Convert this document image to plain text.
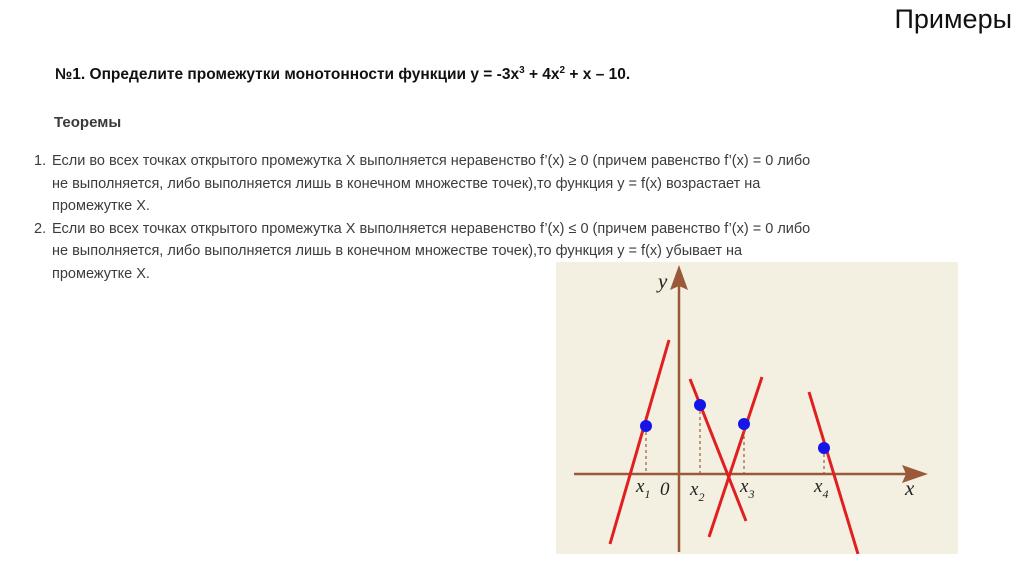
Примеры
№1. Определите промежутки монотонности функции $y = -3x^3 + 4x^2 + x - 10$.
Теоремы
1. Если во всех точках открытого промежутка X выполняется неравенство f’(x) ≥ 0 (причем равенство f’(x) = 0 либо не выполняется, либо выполняется лишь в конечном множестве точек),то функция y = f(x) возрастает на промежутке X.
2. Если во всех точках открытого промежутка X выполняется неравенство f’(x) ≤ 0 (причем равенство f’(x) = 0 либо не выполняется, либо выполняется лишь в конечном множестве точек),то функция y = f(x) убывает на промежутке X.	y
x
0
$x_1$ $x_2$ $x_3$	$x_4$
